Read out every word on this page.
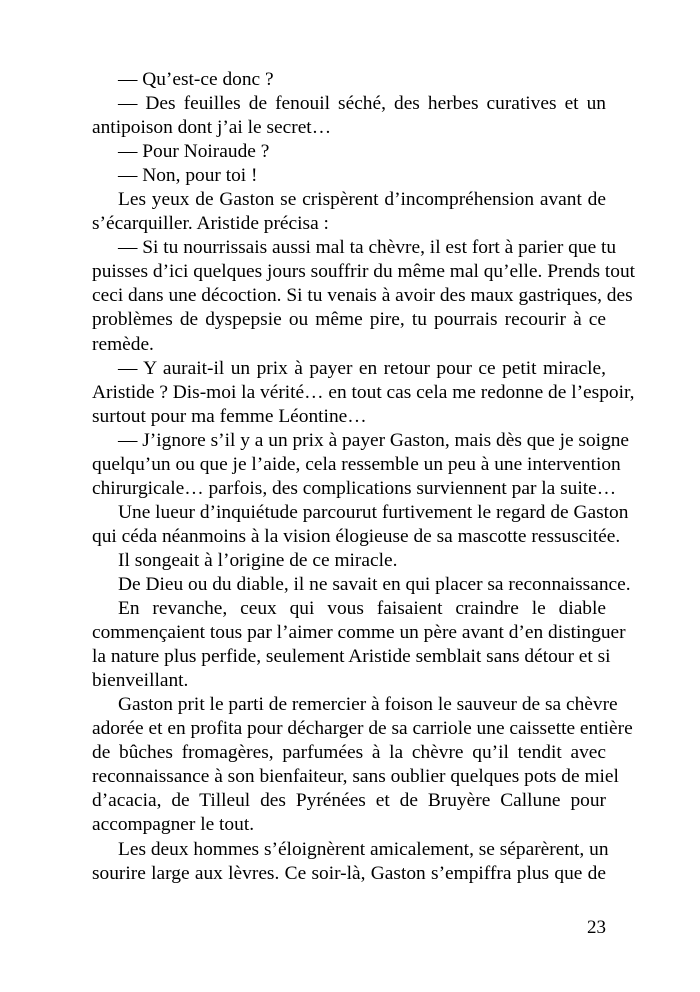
— Qu’est-ce donc ?
— Des feuilles de fenouil séché, des herbes curatives et un
antipoison dont j’ai le secret…
— Pour Noiraude ?
— Non, pour toi !
Les yeux de Gaston se crispèrent d’incompréhension avant de
s’écarquiller. Aristide précisa :
— Si tu nourrissais aussi mal ta chèvre, il est fort à parier que tu
puisses d’ici quelques jours souffrir du même mal qu’elle. Prends tout
ceci dans une décoction. Si tu venais à avoir des maux gastriques, des
problèmes de dyspepsie ou même pire, tu pourrais recourir à ce
remède.
— Y aurait-il un prix à payer en retour pour ce petit miracle,
Aristide ? Dis-moi la vérité… en tout cas cela me redonne de l’espoir,
surtout pour ma femme Léontine…
— J’ignore s’il y a un prix à payer Gaston, mais dès que je soigne
quelqu’un ou que je l’aide, cela ressemble un peu à une intervention
chirurgicale… parfois, des complications surviennent par la suite…
Une lueur d’inquiétude parcourut furtivement le regard de Gaston
qui céda néanmoins à la vision élogieuse de sa mascotte ressuscitée.
Il songeait à l’origine de ce miracle.
De Dieu ou du diable, il ne savait en qui placer sa reconnaissance.
En revanche, ceux qui vous faisaient craindre le diable
commençaient tous par l’aimer comme un père avant d’en distinguer
la nature plus perfide, seulement Aristide semblait sans détour et si
bienveillant.
Gaston prit le parti de remercier à foison le sauveur de sa chèvre
adorée et en profita pour décharger de sa carriole une caissette entière
de bûches fromagères, parfumées à la chèvre qu’il tendit avec
reconnaissance à son bienfaiteur, sans oublier quelques pots de miel
d’acacia, de Tilleul des Pyrénées et de Bruyère Callune pour
accompagner le tout.
Les deux hommes s’éloignèrent amicalement, se séparèrent, un
sourire large aux lèvres. Ce soir-là, Gaston s’empiffra plus que de
23
